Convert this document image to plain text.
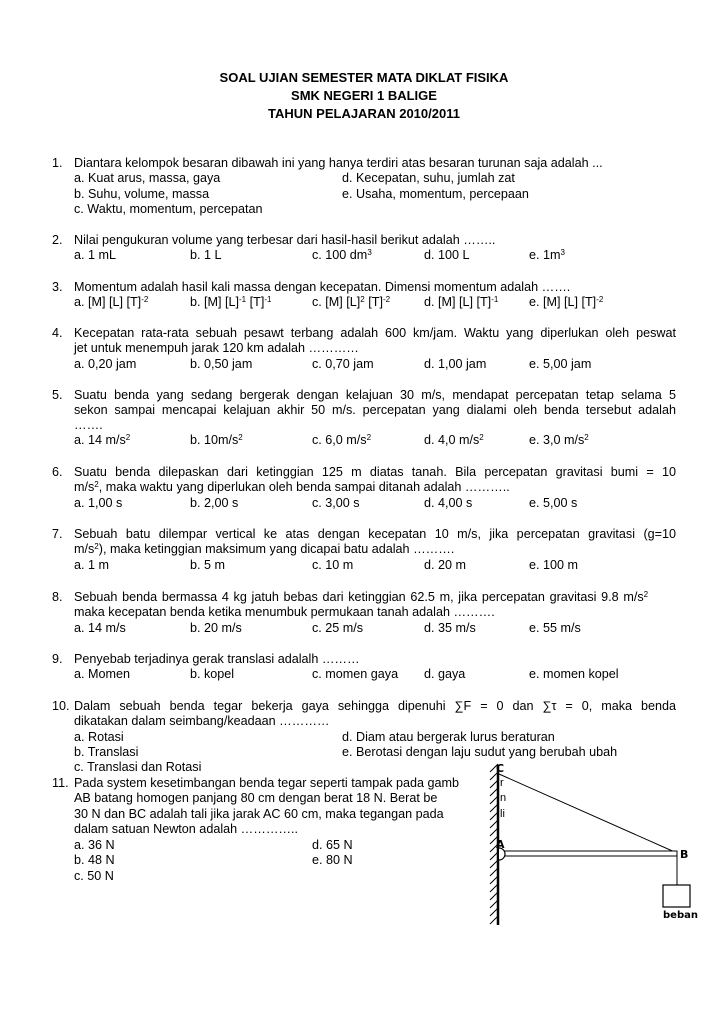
SOAL UJIAN SEMESTER MATA DIKLAT FISIKA
SMK NEGERI 1 BALIGE
TAHUN PELAJARAN 2010/2011
1. Diantara kelompok besaran dibawah ini yang hanya terdiri atas besaran turunan saja adalah ...
a. Kuat arus, massa, gaya
b. Suhu, volume, massa
c. Waktu, momentum, percepatan
d. Kecepatan, suhu, jumlah zat
e. Usaha, momentum, percepaan
2. Nilai pengukuran volume yang terbesar dari hasil-hasil berikut adalah ……..
a. 1 mL	b. 1 L	c. 100 $dm^3$	d. 100 L	e. $1m^3$
3. Momentum adalah hasil kali massa dengan kecepatan. Dimensi momentum adalah …….
a. [M] [L] $[T]^{-2}$	b. [M] $[L]^{-1}$ $[T]^{-1}$	c. [M] $[L]^2$ $[T]^{-2}$	d. [M] [L] $[T]^{-1}$ e. [M] [L] $[T]^{-2}$
4. Kecepatan rata-rata sebuah pesawt terbang adalah 600 km/jam. Waktu yang diperlukan oleh peswat
jet untuk menempuh jarak 120 km adalah …………
a. 0,20 jam	b. 0,50 jam	c. 0,70 jam	d. 1,00 jam	e. 5,00 jam
5. Suatu benda yang sedang bergerak dengan kelajuan 30 m/s, mendapat percepatan tetap selama 5
sekon sampai mencapai kelajuan akhir 50 m/s. percepatan yang dialami oleh benda tersebut adalah
…….
a. 14 $m/s^2$	b. $10m/s^2$	c. 6,0 $m/s^2$	d. 4,0 $m/s^2$	e. 3,0 $m/s^2$
6. Suatu benda dilepaskan dari ketinggian 125 m diatas tanah. Bila percepatan gravitasi bumi = 10
$m/s^2$, maka waktu yang diperlukan oleh benda sampai ditanah adalah ………..
a. 1,00 s	b. 2,00 s	c. 3,00 s	d. 4,00 s	e. 5,00 s
7. Sebuah batu dilempar vertical ke atas dengan kecepatan 10 m/s, jika percepatan gravitasi (g=10
$m/s^2$), maka ketinggian maksimum yang dicapai batu adalah ……….
a. 1 m	b. 5 m	c. 10 m	d. 20 m	e. 100 m
8. Sebuah benda bermassa 4 kg jatuh bebas dari ketinggian 62.5 m, jika percepatan gravitasi 9.8 $m/s^2$
maka kecepatan benda ketika menumbuk permukaan tanah adalah ……….
a. 14 m/s	b. 20 m/s	c. 25 m/s	d. 35 m/s	e. 55 m/s
9. Penyebab terjadinya gerak translasi adalalh ………
a. Momen	b. kopel	c. momen gaya d. gaya	e. momen kopel
10. Dalam sebuah benda tegar bekerja gaya sehingga dipenuhi ∑F = 0 dan ∑τ = 0, maka benda
dikatakan dalam seimbang/keadaan …………
a. Rotasi
b. Translasi
c. Translasi dan Rotasi
d. Diam atau bergerak lurus beraturan
e. Berotasi dengan laju sudut yang berubah ubah
11. Pada system kesetimbangan benda tegar seperti tampak pada gamb
AB batang homogen panjang 80 cm dengan berat 18 N. Berat be
30 N dan BC adalah tali jika jarak AC 60 cm, maka tegangan pada
dalam satuan Newton adalah …………..
a. 36 N
b. 48 N
c. 50 N
d. 65 N
e. 80 N
C
A
B
beban
r
n
li
